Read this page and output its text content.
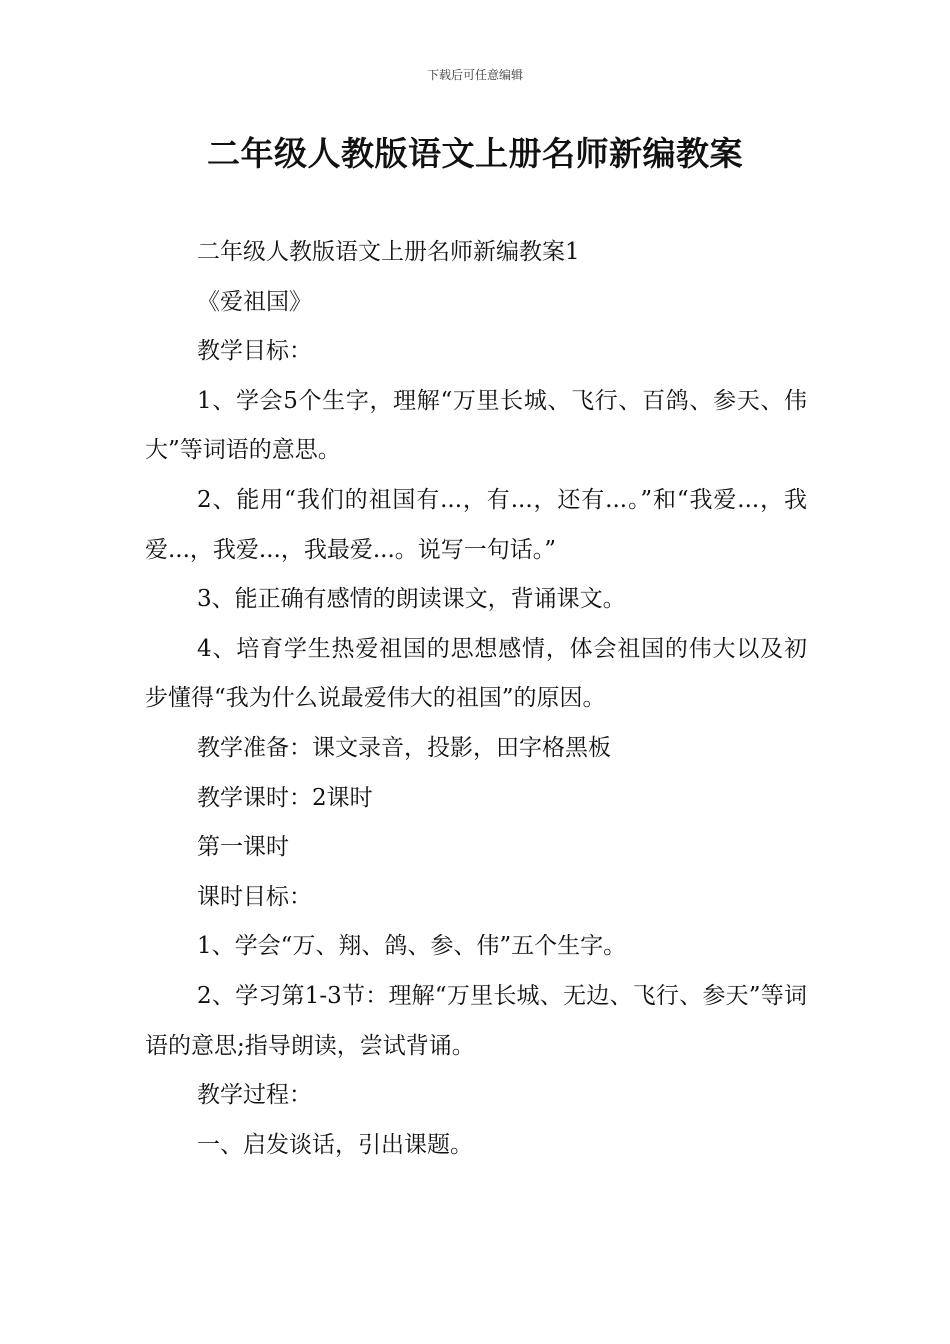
下载后可任意编辑
二年级人教版语文上册名师新编教案

二年级人教版语文上册名师新编教案1

《爱祖国》

教学目标：

1、学会5个生字，理解“万里长城、飞行、百鸽、参天、伟大”等词语的意思。

2、能用“我们的祖国有...，有...，还有...。”和“我爱...，我爱...，我爱...，我最爱...。说写一句话。”

3、能正确有感情的朗读课文，背诵课文。

4、培育学生热爱祖国的思想感情，体会祖国的伟大以及初步懂得“我为什么说最爱伟大的祖国”的原因。

教学准备：课文录音，投影，田字格黑板

教学课时：2课时

第一课时

课时目标：

1、学会“万、翔、鸽、参、伟”五个生字。

2、学习第1-3节：理解“万里长城、无边、飞行、参天”等词语的意思;指导朗读，尝试背诵。

教学过程：

一、启发谈话，引出课题。
